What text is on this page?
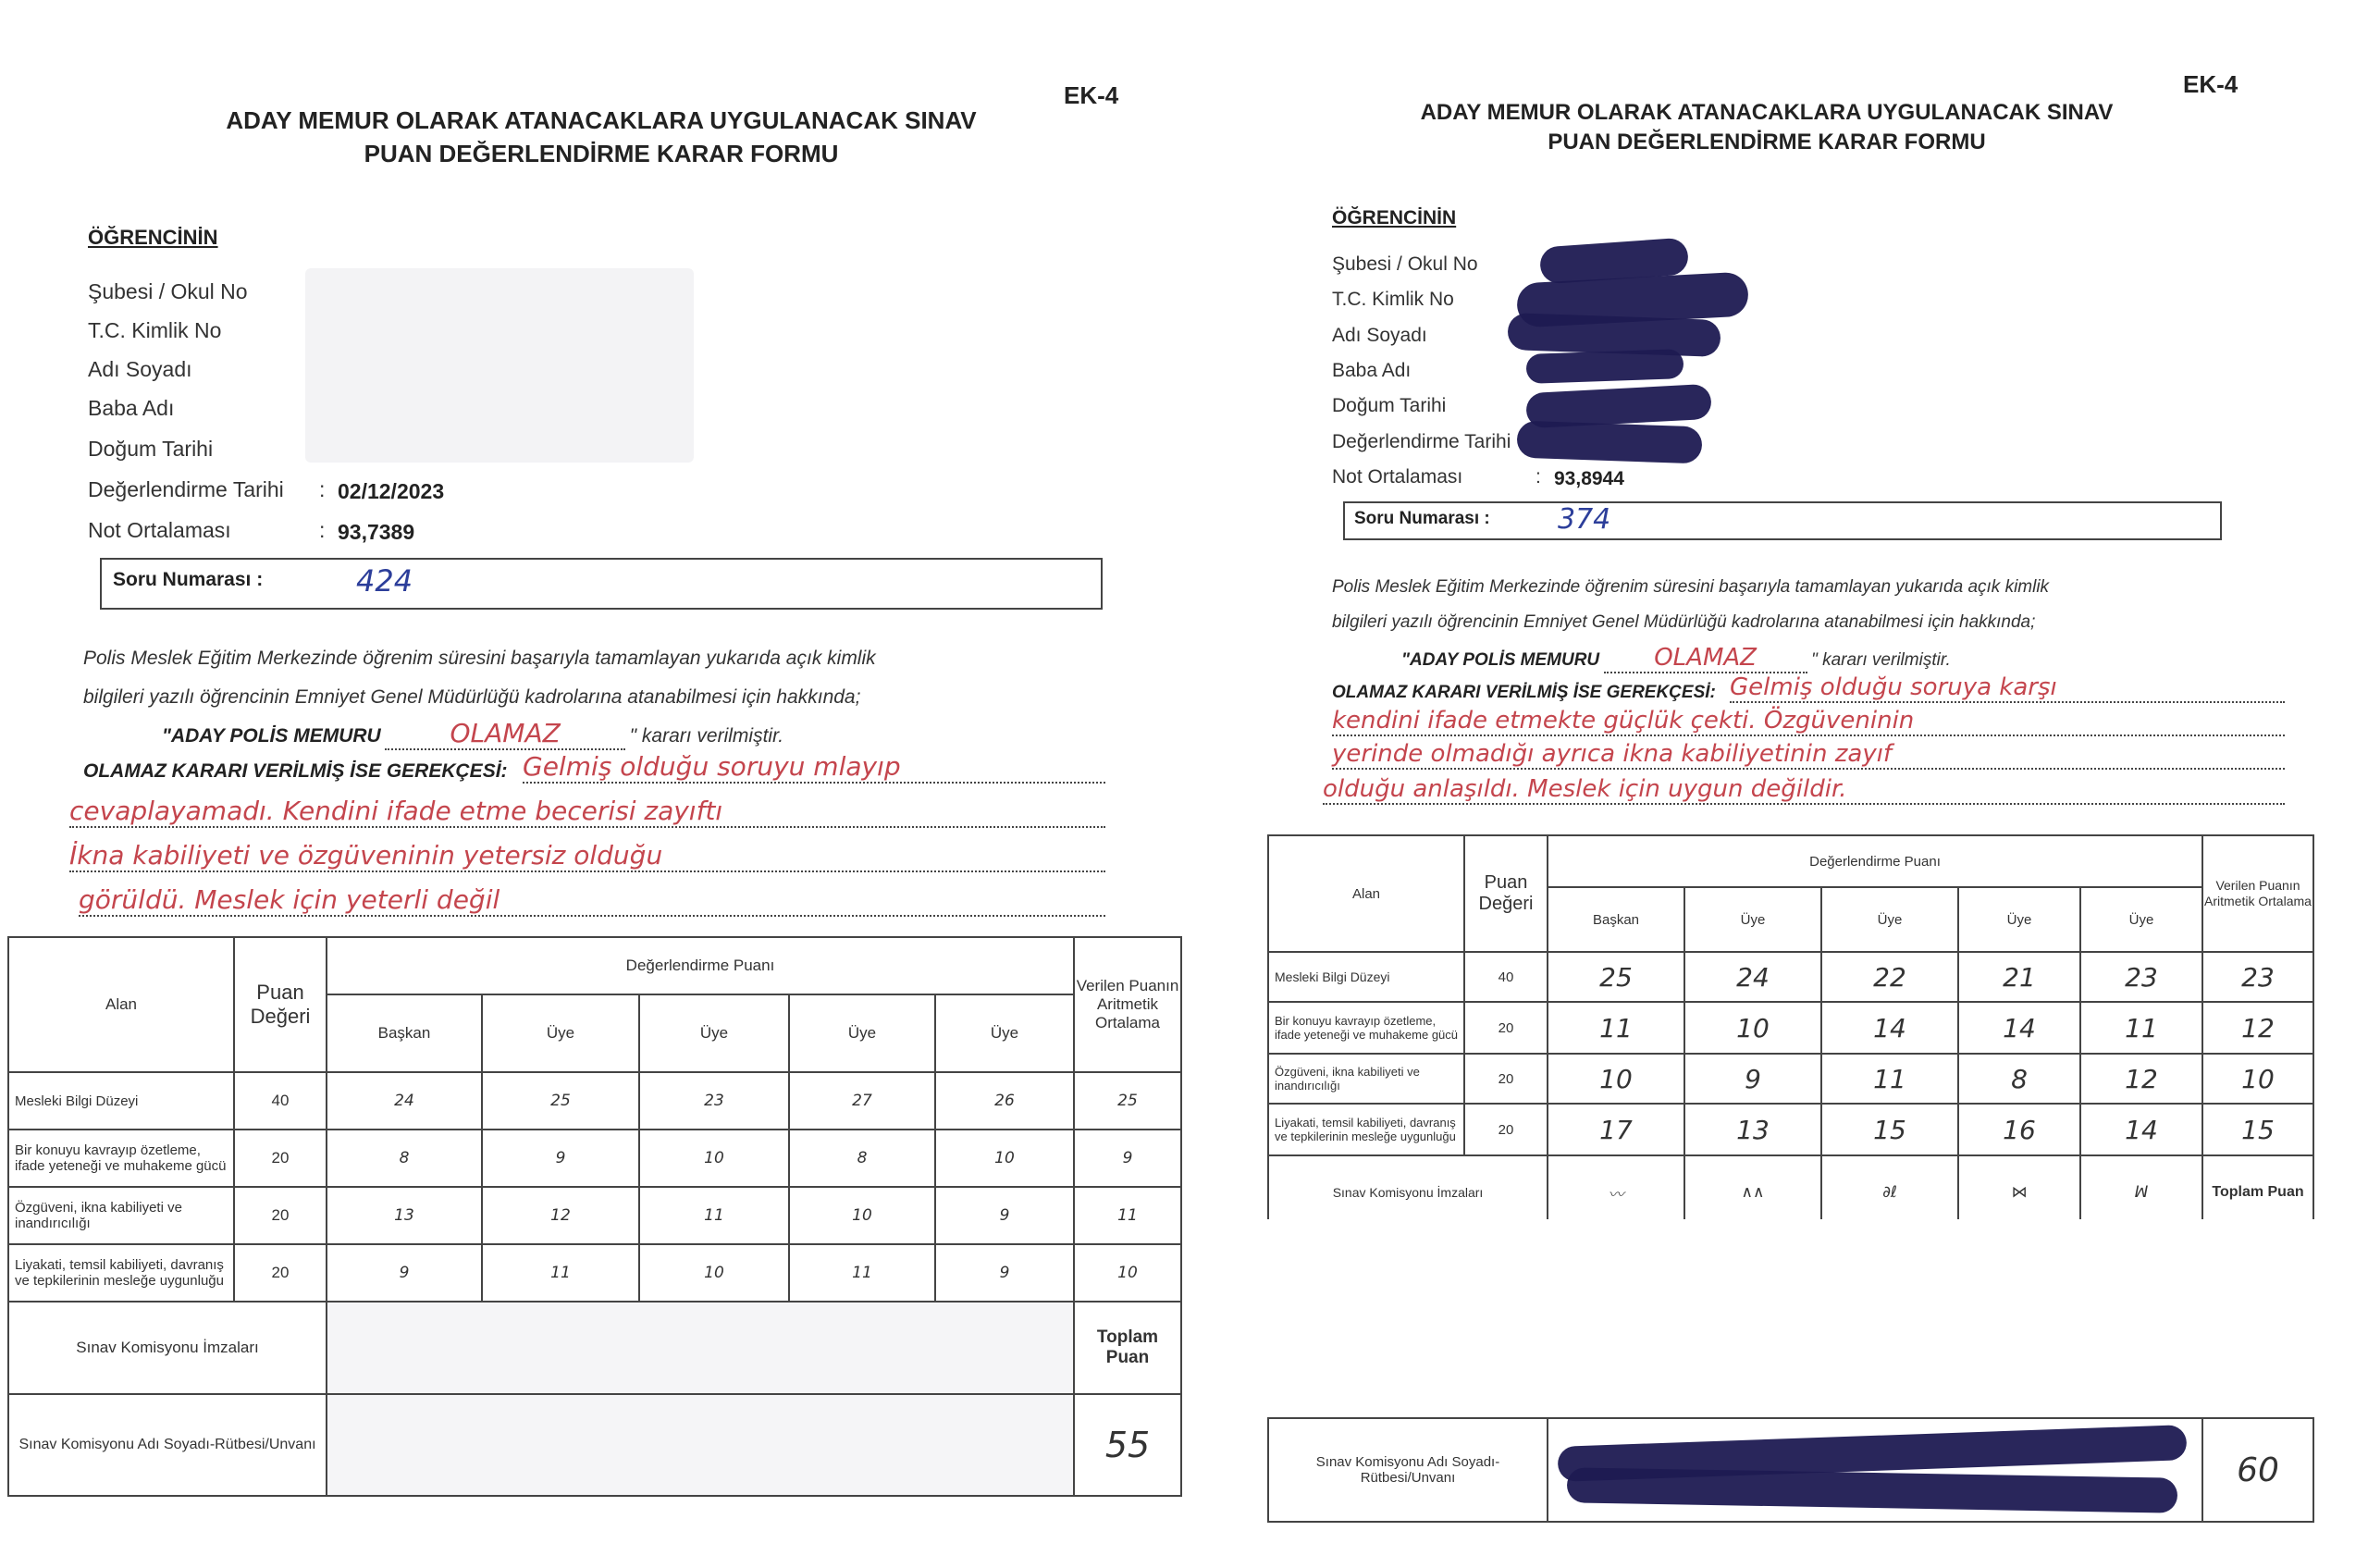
EK-4
ADAY MEMUR OLARAK ATANACAKLARA UYGULANACAK SINAV
PUAN DEĞERLENDİRME KARAR FORMU
ÖĞRENCİNİN
Şubesi / Okul No
T.C. Kimlik No
Adı Soyadı
Baba Adı
Doğum Tarihi
Değerlendirme Tarihi : 02/12/2023
Not Ortalaması	: 93,7389
Soru Numarası :	424
Polis Meslek Eğitim Merkezinde öğrenim süresini başarıyla tamamlayan yukarıda açık kimlik
bilgileri yazılı öğrencinin Emniyet Genel Müdürlüğü kadrolarına atanabilmesi için hakkında;
"ADAY POLİS MEMURU	OLAMAZ	" kararı verilmiştir.
OLAMAZ KARARI VERİLMİŞ İSE GEREKÇESİ: Gelmiş olduğu soruyu mlayıp
cevaplayamadı. Kendini ifade etme becerisi zayıftı
İkna kabiliyeti ve özgüveninin yetersiz olduğu
görüldü. Meslek için yeterli değil
Alan	Puan Değeri	Değerlendirme Puanı					Verilen Puanın Aritmetik Ortalama
		Başkan	Üye	Üye	Üye	Üye	
Mesleki Bilgi Düzeyi	40	24	25	23	27	26	25
Bir konuyu kavrayıp özetleme, ifade yeteneği ve muhakeme gücü	20	8	9	10	8	10	9
Özgüveni, ikna kabiliyeti ve inandırıcılığı	20	13	12	11	10	9	11
Liyakati, temsil kabiliyeti, davranış ve tepkilerinin mesleğe uygunluğu	20	9	11	10	11	9	10
Sınav Komisyonu İmzaları							Toplam Puan
Sınav Komisyonu Adı Soyadı-Rütbesi/Unvanı							55
EK-4
ADAY MEMUR OLARAK ATANACAKLARA UYGULANACAK SINAV
PUAN DEĞERLENDİRME KARAR FORMU
ÖĞRENCİNİN
Şubesi / Okul No
T.C. Kimlik No
Adı Soyadı
Baba Adı
Doğum Tarihi
Değerlendirme Tarihi
Not Ortalaması	: 93,8944
Soru Numarası : 374
Polis Meslek Eğitim Merkezinde öğrenim süresini başarıyla tamamlayan yukarıda açık kimlik
bilgileri yazılı öğrencinin Emniyet Genel Müdürlüğü kadrolarına atanabilmesi için hakkında;
"ADAY POLİS MEMURU OLAMAZ	" kararı verilmiştir.
OLAMAZ KARARI VERİLMİŞ İSE GEREKÇESİ: Gelmiş olduğu soruya karşı
kendini ifade etmekte güçlük çekti. Özgüveninin
yerinde olmadığı ayrıca ikna kabiliyetinin zayıf
olduğu anlaşıldı. Meslek için uygun değildir.
Alan	Puan Değeri	Değerlendirme Puanı					Verilen Puanın Aritmetik Ortalama
		Başkan	Üye	Üye	Üye	Üye	
Mesleki Bilgi Düzeyi	40	25	24	22	21	23	23
Bir konuyu kavrayıp özetleme, ifade yeteneği ve muhakeme gücü	20	11	10	14	14	11	12
Özgüveni, ikna kabiliyeti ve inandırıcılığı	20	10	9	11	8	12	10
Liyakati, temsil kabiliyeti, davranış ve tepkilerinin mesleğe uygunluğu	20	17	13	15	16	14	15
Sınav Komisyonu İmzaları		〰	∧∧	∂ℓ	⋈	ꟽ	Toplam Puan
Sınav Komisyonu Adı Soyadı-Rütbesi/Unvanı		60
